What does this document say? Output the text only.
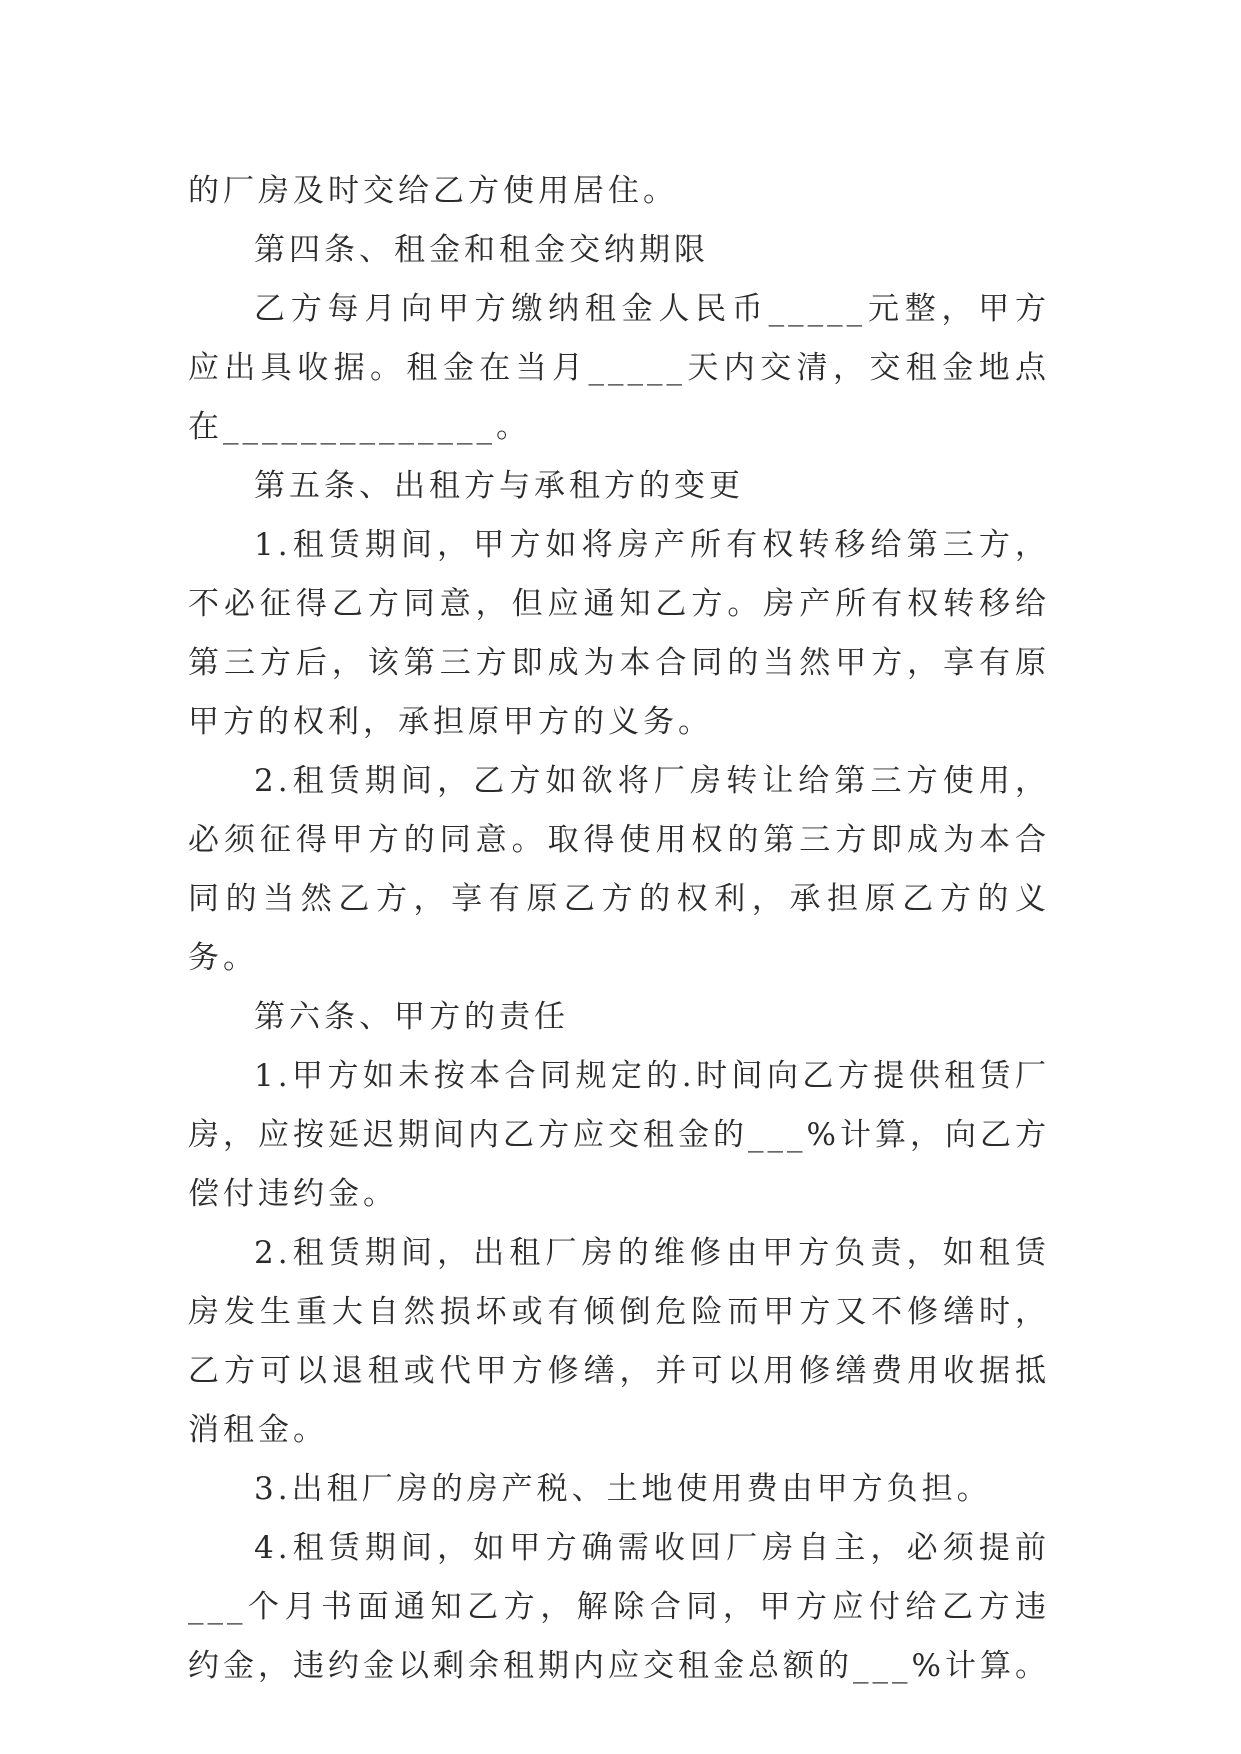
的厂房及时交给乙方使用居住。

第四条、租金和租金交纳期限

乙方每月向甲方缴纳租金人民币_____元整，甲方应出具收据。租金在当月_____天内交清，交租金地点在______________。

第五条、出租方与承租方的变更

1.租赁期间，甲方如将房产所有权转移给第三方，不必征得乙方同意，但应通知乙方。房产所有权转移给第三方后，该第三方即成为本合同的当然甲方，享有原甲方的权利，承担原甲方的义务。

2.租赁期间，乙方如欲将厂房转让给第三方使用，必须征得甲方的同意。取得使用权的第三方即成为本合同的当然乙方，享有原乙方的权利，承担原乙方的义务。

第六条、甲方的责任

1.甲方如未按本合同规定的.时间向乙方提供租赁厂房，应按延迟期间内乙方应交租金的___%计算，向乙方偿付违约金。

2.租赁期间，出租厂房的维修由甲方负责，如租赁房发生重大自然损坏或有倾倒危险而甲方又不修缮时，乙方可以退租或代甲方修缮，并可以用修缮费用收据抵消租金。

3.出租厂房的房产税、土地使用费由甲方负担。

4.租赁期间，如甲方确需收回厂房自主，必须提前___个月书面通知乙方，解除合同，甲方应付给乙方违约金，违约金以剩余租期内应交租金总额的___%计算。
